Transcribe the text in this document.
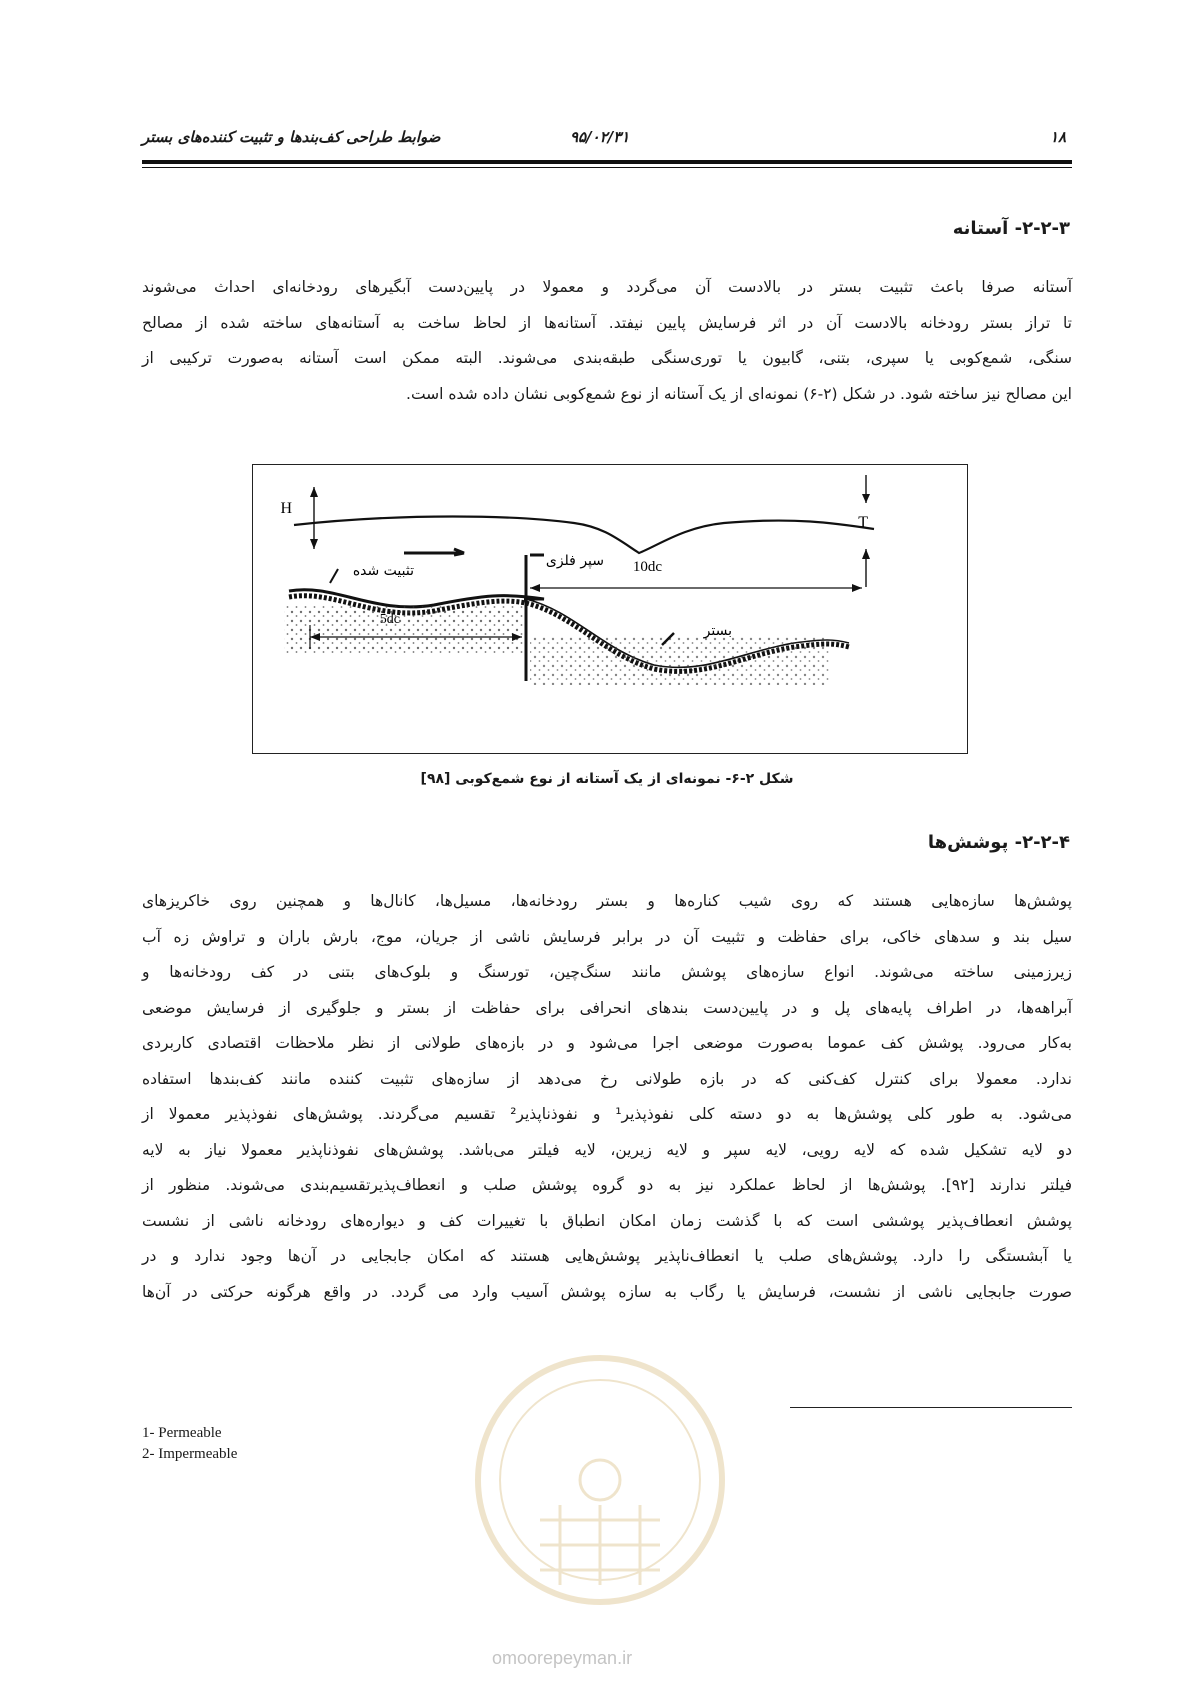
۱۸
۹۵/۰۲/۳۱
ضوابط طراحی کف‌بندها و تثبیت کننده‌های بستر
۲-۲-۳- آستانه
آستانه صرفا باعث تثبیت بستر در بالادست آن می‌گردد و معمولا در پایین‌دست آبگیرهای رودخانه‌ای احداث می‌شوند
تا تراز بستر رودخانه بالادست آن در اثر فرسایش پایین نیفتد. آستانه‌ها از لحاظ ساخت به آستانه‌های ساخته شده از مصالح
سنگی، شمع‌کوبی یا سپری، بتنی، گابیون یا توری‌سنگی طبقه‌بندی می‌شوند. البته ممکن است آستانه به‌صورت ترکیبی از
این مصالح نیز ساخته شود. در شکل (۲-۶) نمونه‌ای از یک آستانه از نوع شمع‌کوبی نشان داده شده است.
H
T
10dc
5dc
سپر فلزی
تثبیت شده
بستر
شکل ۲-۶- نمونه‌ای از یک آستانه از نوع شمع‌کوبی [۹۸]
۲-۲-۴- پوشش‌ها
پوشش‌ها سازه‌هایی هستند که روی شیب کناره‌ها و بستر رودخانه‌ها، مسیل‌ها، کانال‌ها و همچنین روی خاکریزهای
سیل بند و سدهای خاکی، برای حفاظت و تثبیت آن در برابر فرسایش ناشی از جریان، موج، بارش باران و تراوش زه آب
زیرزمینی ساخته می‌شوند. انواع سازه‌های پوشش مانند سنگ‌چین، تورسنگ و بلوک‌های بتنی در کف رودخانه‌ها و
آبراهه‌ها، در اطراف پایه‌های پل و در پایین‌دست بندهای انحرافی برای حفاظت از بستر و جلوگیری از فرسایش موضعی
به‌کار می‌رود. پوشش کف عموما به‌صورت موضعی اجرا می‌شود و در بازه‌های طولانی از نظر ملاحظات اقتصادی کاربردی
ندارد. معمولا برای کنترل کف‌کنی که در بازه طولانی رخ می‌دهد از سازه‌های تثبیت کننده مانند کف‌بندها استفاده
می‌شود. به طور کلی پوشش‌ها به دو دسته کلی نفوذپذیر¹ و نفوذناپذیر² تقسیم می‌گردند. پوشش‌های نفوذپذیر معمولا از
دو لایه تشکیل شده که لایه رویی، لایه سپر و لایه زیرین، لایه فیلتر می‌باشد. پوشش‌های نفوذناپذیر معمولا نیاز به لایه
فیلتر ندارند [۹۲]. پوشش‌ها از لحاظ عملکرد نیز به دو گروه پوشش صلب و انعطاف‌پذیرتقسیم‌بندی می‌شوند. منظور از
پوشش انعطاف‌پذیر پوششی است که با گذشت زمان امکان انطباق با تغییرات کف و دیواره‌های رودخانه ناشی از نشست
یا آبشستگی را دارد. پوشش‌های صلب یا انعطاف‌ناپذیر پوشش‌هایی هستند که امکان جابجایی در آن‌ها وجود ندارد و در
صورت جابجایی ناشی از نشست، فرسایش یا رگاب به سازه پوشش آسیب وارد می گردد. در واقع هرگونه حرکتی در آن‌ها
omoorepeyman.ir
1- Permeable
2- Impermeable
